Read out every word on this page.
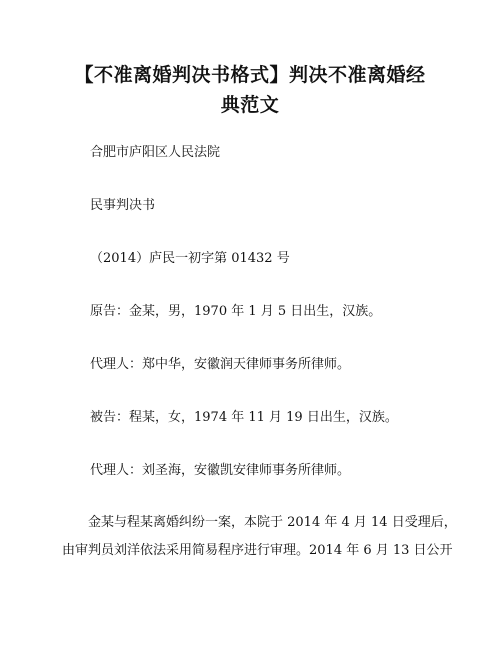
【不准离婚判决书格式】判决不准离婚经
典范文

合肥市庐阳区人民法院

民事判决书

（2014）庐民一初字第 01432 号

原告：金某，男，1970 年 1 月 5 日出生，汉族。

代理人：郑中华，安徽润天律师事务所律师。

被告：程某，女，1974 年 11 月 19 日出生，汉族。

代理人：刘圣海，安徽凯安律师事务所律师。

金某与程某离婚纠纷一案，本院于 2014 年 4 月 14 日受理后，
由审判员刘洋依法采用简易程序进行审理。2014 年 6 月 13 日公开
